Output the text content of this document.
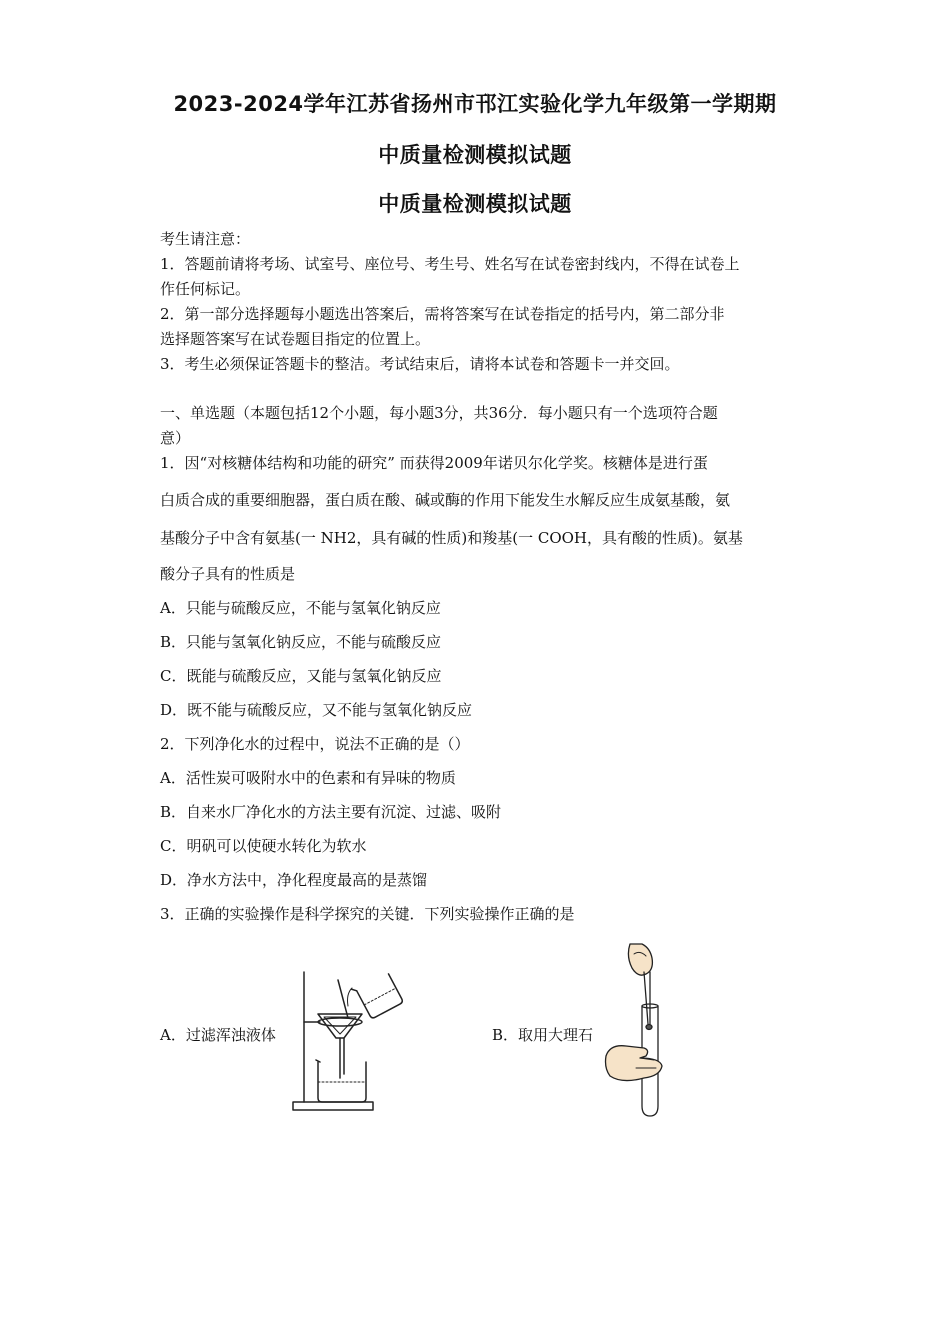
2023-2024学年江苏省扬州市邗江实验化学九年级第一学期期
中质量检测模拟试题
中质量检测模拟试题
考生请注意：
1．答题前请将考场、试室号、座位号、考生号、姓名写在试卷密封线内，不得在试卷上
作任何标记。
2．第一部分选择题每小题选出答案后，需将答案写在试卷指定的括号内，第二部分非
选择题答案写在试卷题目指定的位置上。
3．考生必须保证答题卡的整洁。考试结束后，请将本试卷和答题卡一并交回。
一、单选题（本题包括12个小题，每小题3分，共36分．每小题只有一个选项符合题
意）
1．因“对核糖体结构和功能的研究” 而获得2009年诺贝尔化学奖。核糖体是进行蛋
白质合成的重要细胞器，蛋白质在酸、碱或酶的作用下能发生水解反应生成氨基酸，氨
基酸分子中含有氨基(一 NH2，具有碱的性质)和羧基(一 COOH，具有酸的性质)。氨基
酸分子具有的性质是
A．只能与硫酸反应，不能与氢氧化钠反应
B．只能与氢氧化钠反应，不能与硫酸反应
C．既能与硫酸反应，又能与氢氧化钠反应
D．既不能与硫酸反应，又不能与氢氧化钠反应
2．下列净化水的过程中，说法不正确的是（）
A．活性炭可吸附水中的色素和有异味的物质
B．自来水厂净化水的方法主要有沉淀、过滤、吸附
C．明矾可以使硬水转化为软水
D．净水方法中，净化程度最高的是蒸馏
3．正确的实验操作是科学探究的关键．下列实验操作正确的是
A．过滤浑浊液体	B．取用大理石
